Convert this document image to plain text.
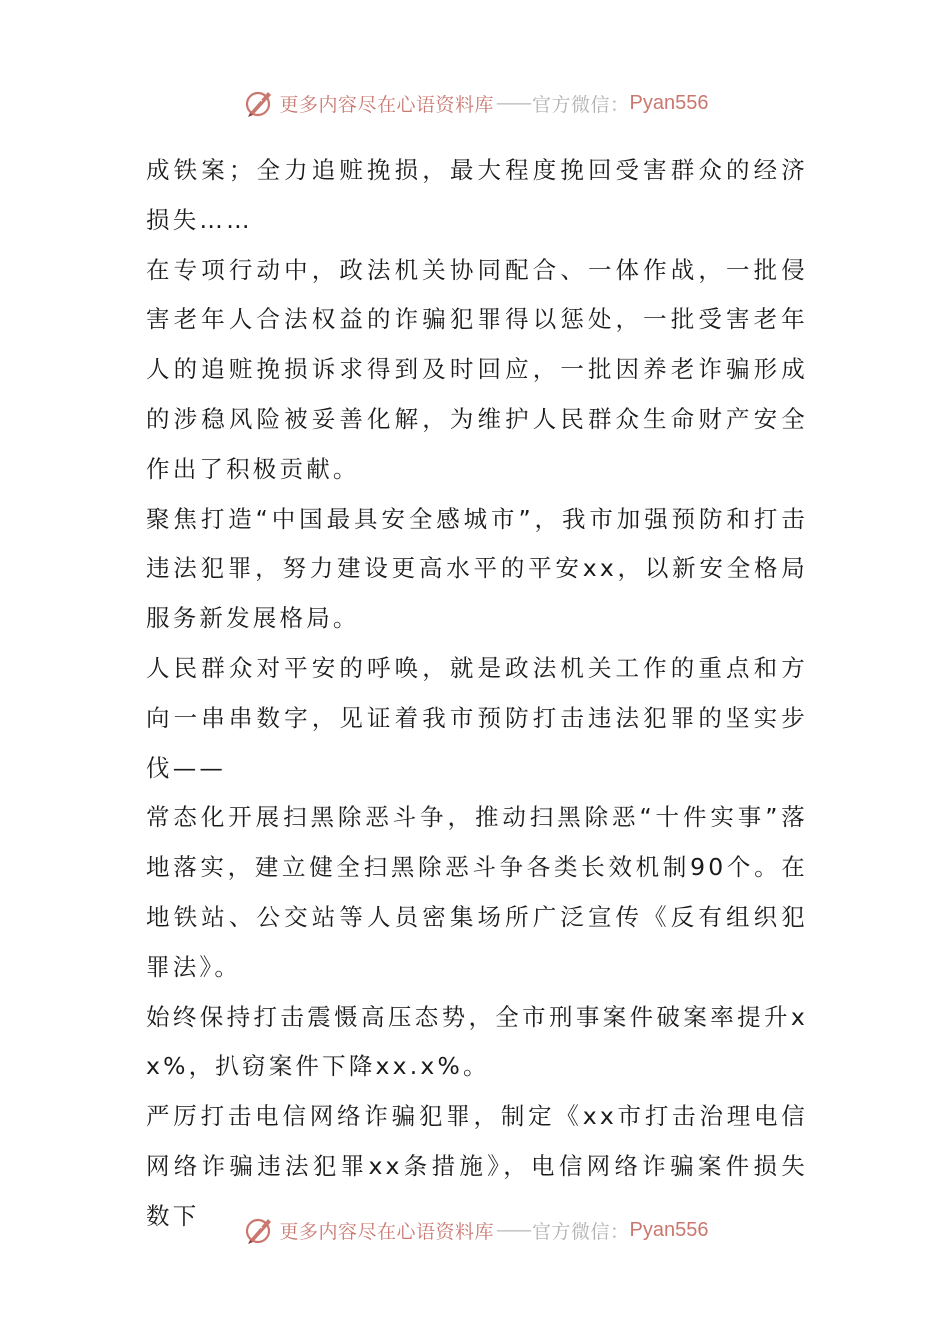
更多内容尽在心语资料库 —— 官方微信： Pyan556

成铁案；全力追赃挽损，最大程度挽回受害群众的经济损失……

在专项行动中，政法机关协同配合、一体作战，一批侵害老年人合法权益的诈骗犯罪得以惩处，一批受害老年人的追赃挽损诉求得到及时回应，一批因养老诈骗形成的涉稳风险被妥善化解，为维护人民群众生命财产安全作出了积极贡献。

聚焦打造“中国最具安全感城市”，我市加强预防和打击违法犯罪，努力建设更高水平的平安xx，以新安全格局服务新发展格局。

人民群众对平安的呼唤，就是政法机关工作的重点和方向一串串数字，见证着我市预防打击违法犯罪的坚实步伐——

常态化开展扫黑除恶斗争，推动扫黑除恶“十件实事”落地落实，建立健全扫黑除恶斗争各类长效机制90个。在地铁站、公交站等人员密集场所广泛宣传《反有组织犯罪法》。

始终保持打击震慑高压态势，全市刑事案件破案率提升xx%，扒窃案件下降xx.x%。

严厉打击电信网络诈骗犯罪，制定《xx市打击治理电信网络诈骗违法犯罪xx条措施》，电信网络诈骗案件损失数下

更多内容尽在心语资料库 —— 官方微信： Pyan556
